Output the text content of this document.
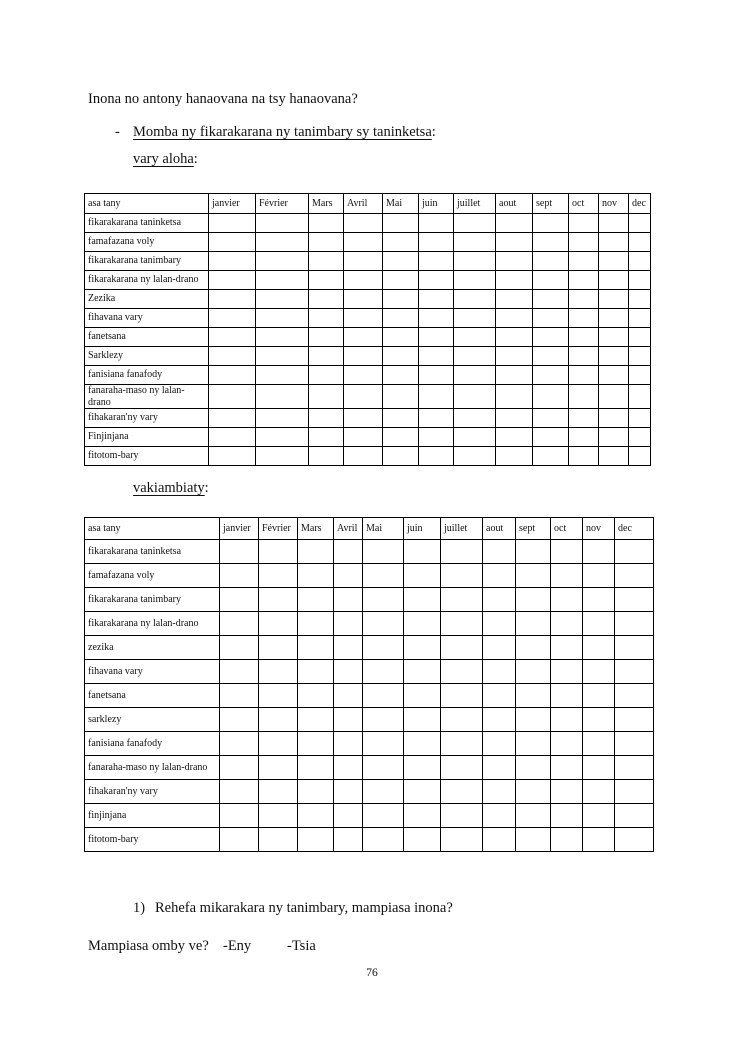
Inona no antony hanaovana na tsy hanaovana?
- Momba ny fikarakarana ny tanimbary sy taninketsa:
vary aloha:
asa tany	janvier	Février	Mars	Avril	Mai	juin	juillet	aout	sept	oct	nov	dec
fikarakarana taninketsa												
famafazana voly												
fikarakarana tanimbary												
fikarakarana ny lalan-drano												
Zezika												
fihavana vary												
fanetsana												
Sarklezy												
fanisiana fanafody												
fanaraha-maso ny lalan-drano												
fihakaran'ny vary												
Finjinjana												
fitotom-bary												
vakiambiaty:
asa tany	janvier	Février	Mars	Avril	Mai	juin	juillet	aout	sept	oct	nov	dec
fikarakarana taninketsa												
famafazana voly												
fikarakarana tanimbary												
fikarakarana ny lalan-drano												
zezika												
fihavana vary												
fanetsana												
sarklezy												
fanisiana fanafody												
fanaraha-maso ny lalan-drano												
fihakaran'ny vary												
finjinjana												
fitotom-bary												
1) Rehefa mikarakara ny tanimbary, mampiasa inona?
Mampiasa omby ve? -Eny -Tsia
76
